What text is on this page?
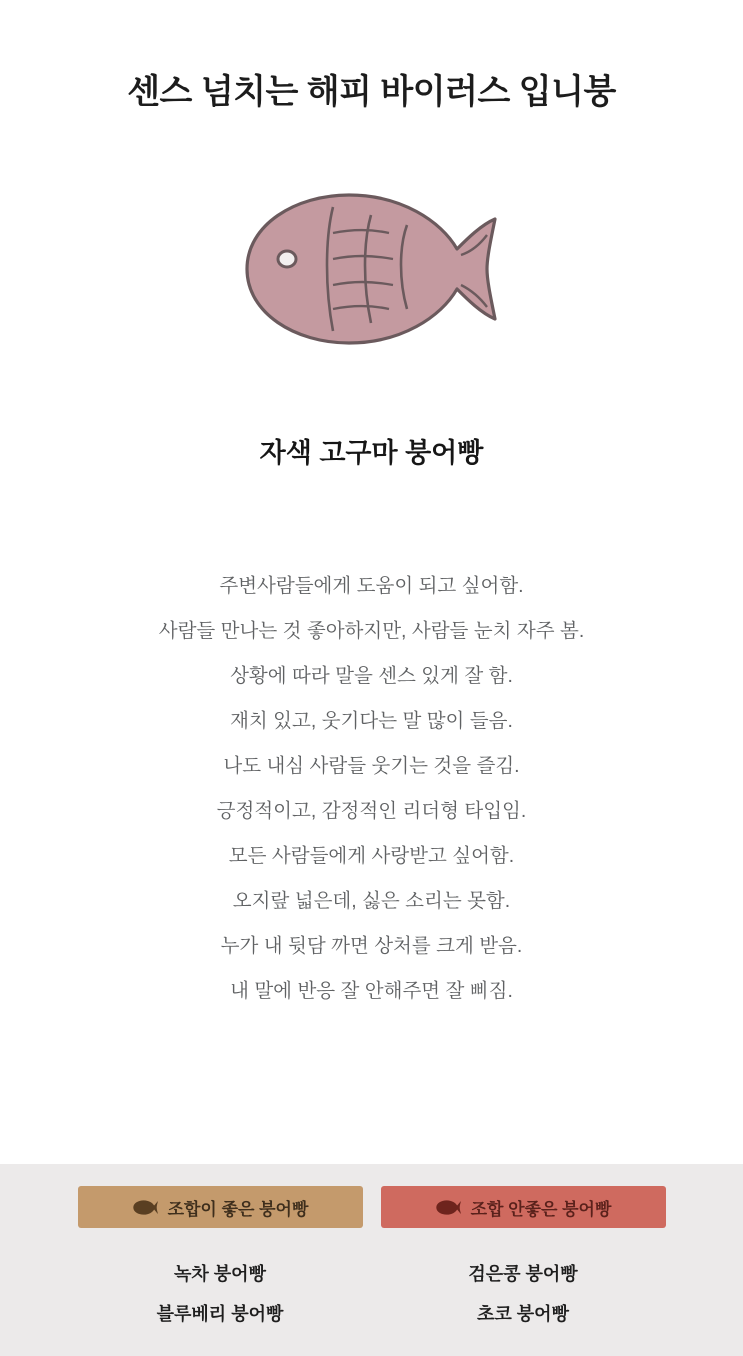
센스 넘치는 해피 바이러스 입니붕
자색 고구마 붕어빵
주변사람들에게 도움이 되고 싶어함.
사람들 만나는 것 좋아하지만, 사람들 눈치 자주 봄.
상황에 따라 말을 센스 있게 잘 함.
재치 있고, 웃기다는 말 많이 들음.
나도 내심 사람들 웃기는 것을 즐김.
긍정적이고, 감정적인 리더형 타입임.
모든 사람들에게 사랑받고 싶어함.
오지랖 넓은데, 싫은 소리는 못함.
누가 내 뒷담 까면 상처를 크게 받음.
내 말에 반응 잘 안해주면 잘 삐짐.
조합이 좋은 붕어빵	조합 안좋은 붕어빵
녹차 붕어빵
블루베리 붕어빵
검은콩 붕어빵
초코 붕어빵
